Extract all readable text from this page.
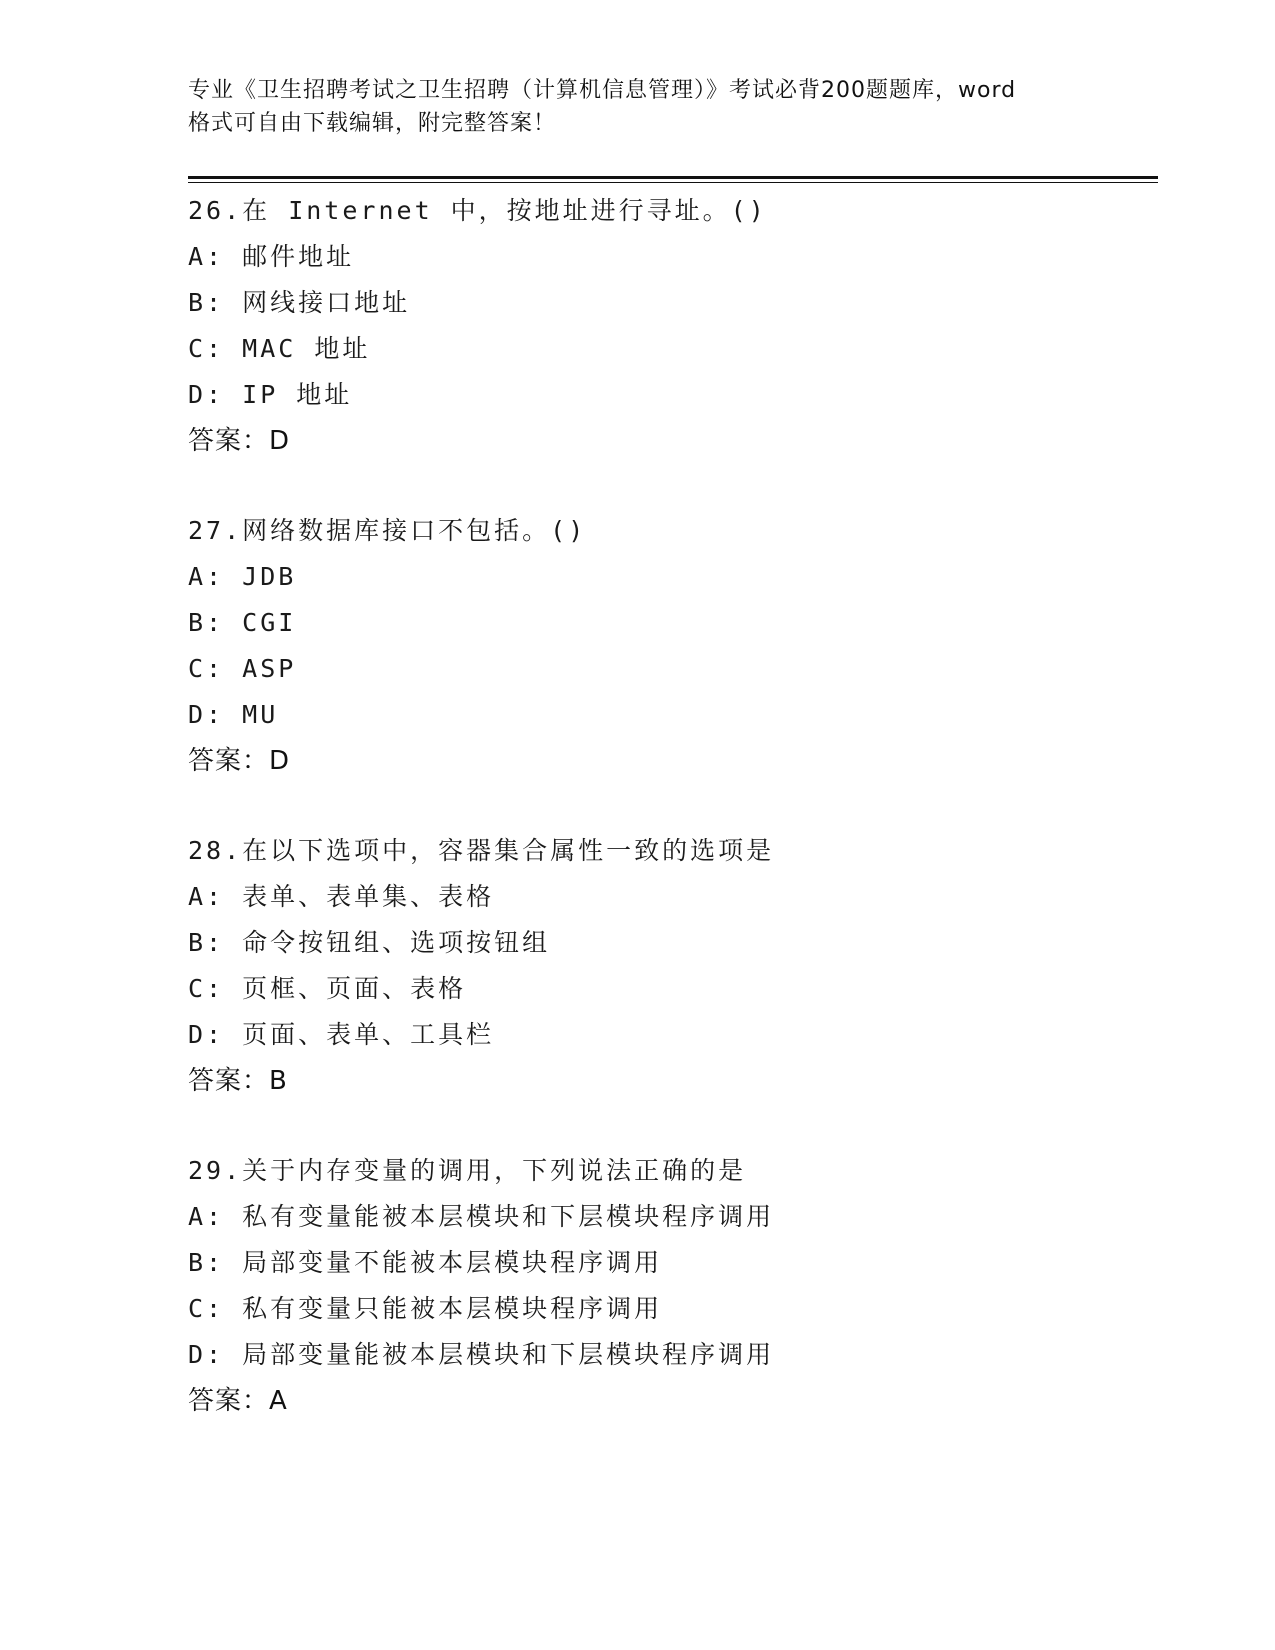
专业《卫生招聘考试之卫生招聘（计算机信息管理）》考试必背200题题库，word
格式可自由下载编辑，附完整答案！
26.在 Internet 中，按地址进行寻址。()
A: 邮件地址
B: 网线接口地址
C: MAC 地址
D: IP 地址
答案：D
27.网络数据库接口不包括。()
A: JDB
B: CGI
C: ASP
D: MU
答案：D
28.在以下选项中，容器集合属性一致的选项是
A: 表单、表单集、表格
B: 命令按钮组、选项按钮组
C: 页框、页面、表格
D: 页面、表单、工具栏
答案：B
29.关于内存变量的调用，下列说法正确的是
A: 私有变量能被本层模块和下层模块程序调用
B: 局部变量不能被本层模块程序调用
C: 私有变量只能被本层模块程序调用
D: 局部变量能被本层模块和下层模块程序调用
答案：A
